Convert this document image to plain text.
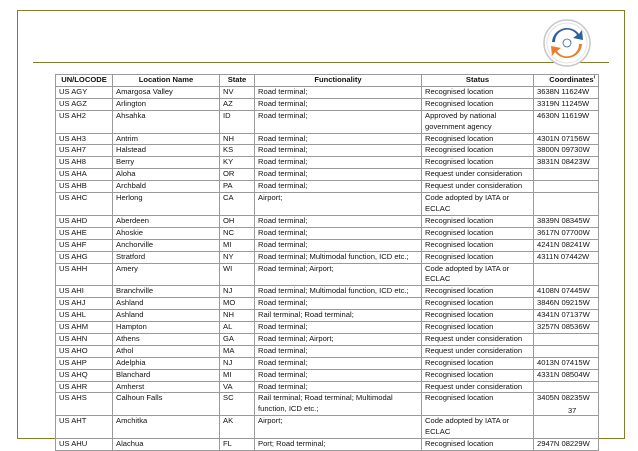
UN/LOCODE	Location Name	State	Functionality	Status	Coordinates$^i$
US AGY	Amargosa Valley	NV	Road terminal;	Recognised location	3638N 11624W
US AGZ	Arlington	AZ	Road terminal;	Recognised location	3319N 11245W
US AH2	Ahsahka	ID	Road terminal;	Approved by national government agency	4630N 11619W
US AH3	Antrim	NH	Road terminal;	Recognised location	4301N 07156W
US AH7	Halstead	KS	Road terminal;	Recognised location	3800N 09730W
US AH8	Berry	KY	Road terminal;	Recognised location	3831N 08423W
US AHA	Aloha	OR	Road terminal;	Request under consideration	
US AHB	Archbald	PA	Road terminal;	Request under consideration	
US AHC	Herlong	CA	Airport;	Code adopted by IATA or ECLAC	
US AHD	Aberdeen	OH	Road terminal;	Recognised location	3839N 08345W
US AHE	Ahoskie	NC	Road terminal;	Recognised location	3617N 07700W
US AHF	Anchorville	MI	Road terminal;	Recognised location	4241N 08241W
US AHG	Stratford	NY	Road terminal; Multimodal function, ICD etc.;	Recognised location	4311N 07442W
US AHH	Amery	WI	Road terminal; Airport;	Code adopted by IATA or ECLAC	
US AHI	Branchville	NJ	Road terminal; Multimodal function, ICD etc.;	Recognised location	4108N 07445W
US AHJ	Ashland	MO	Road terminal;	Recognised location	3846N 09215W
US AHL	Ashland	NH	Rail terminal; Road terminal;	Recognised location	4341N 07137W
US AHM	Hampton	AL	Road terminal;	Recognised location	3257N 08536W
US AHN	Athens	GA	Road terminal; Airport;	Request under consideration	
US AHO	Athol	MA	Road terminal;	Request under consideration	
US AHP	Adelphia	NJ	Road terminal;	Recognised location	4013N 07415W
US AHQ	Blanchard	MI	Road terminal;	Recognised location	4331N 08504W
US AHR	Amherst	VA	Road terminal;	Request under consideration	
US AHS	Calhoun Falls	SC	Rail terminal; Road terminal; Multimodal function, ICD etc.;	Recognised location	3405N 08235W
US AHT	Amchitka	AK	Airport;	Code adopted by IATA or ECLAC	
US AHU	Alachua	FL	Port; Road terminal;	Recognised location	2947N 08229W
37
